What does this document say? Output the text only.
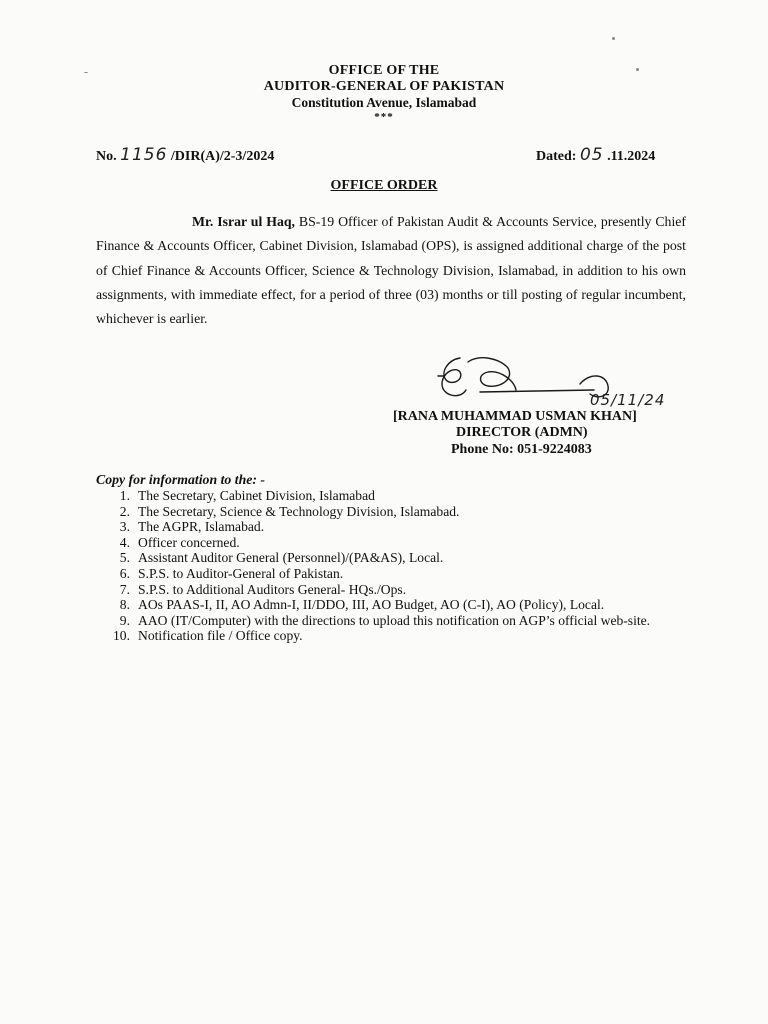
OFFICE OF THE
AUDITOR-GENERAL OF PAKISTAN
Constitution Avenue, Islamabad
***
No. 1156 /DIR(A)/2-3/2024	Dated: 05 .11.2024
OFFICE ORDER
Mr. Israr ul Haq, BS-19 Officer of Pakistan Audit & Accounts Service, presently Chief Finance & Accounts Officer, Cabinet Division, Islamabad (OPS), is assigned additional charge of the post of Chief Finance & Accounts Officer, Science & Technology Division, Islamabad, in addition to his own assignments, with immediate effect, for a period of three (03) months or till posting of regular incumbent, whichever is earlier.
05/11/24
[RANA MUHAMMAD USMAN KHAN]
DIRECTOR (ADMN)
Phone No: 051-9224083
Copy for information to the: -
1. The Secretary, Cabinet Division, Islamabad
2. The Secretary, Science & Technology Division, Islamabad.
3. The AGPR, Islamabad.
4. Officer concerned.
5. Assistant Auditor General (Personnel)/(PA&AS), Local.
6. S.P.S. to Auditor-General of Pakistan.
7. S.P.S. to Additional Auditors General- HQs./Ops.
8. AOs PAAS-I, II, AO Admn-I, II/DDO, III, AO Budget, AO (C-I), AO (Policy), Local.
9. AAO (IT/Computer) with the directions to upload this notification on AGP’s official web-site.
10. Notification file / Office copy.
